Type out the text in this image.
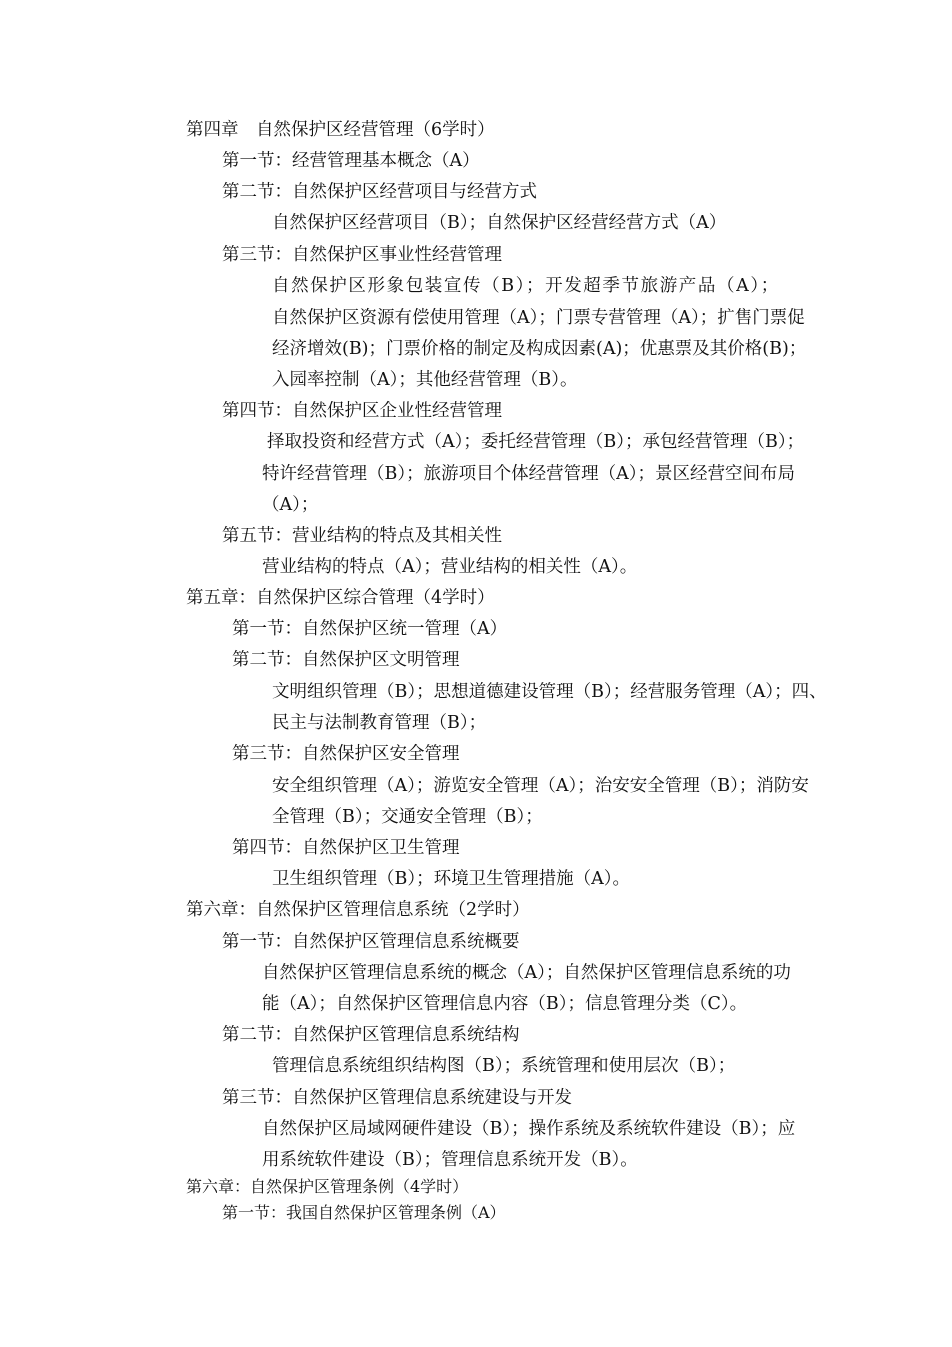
第四章　自然保护区经营管理（6学时）
第一节：经营管理基本概念（A）
第二节：自然保护区经营项目与经营方式
自然保护区经营项目（B）；自然保护区经营经营方式（A）
第三节：自然保护区事业性经营管理
自然保护区形象包装宣传（B）；开发超季节旅游产品（A）；
自然保护区资源有偿使用管理（A）；门票专营管理（A）；扩售门票促
经济增效(B)；门票价格的制定及构成因素(A)；优惠票及其价格(B)；
入园率控制（A）；其他经营管理（B）。
第四节：自然保护区企业性经营管理
择取投资和经营方式（A）；委托经营管理（B）；承包经营管理（B）；
特许经营管理（B）；旅游项目个体经营管理（A）；景区经营空间布局
（A）；
第五节：营业结构的特点及其相关性
营业结构的特点（A）；营业结构的相关性（A）。
第五章：自然保护区综合管理（4学时）
第一节：自然保护区统一管理（A）
第二节：自然保护区文明管理
文明组织管理（B）；思想道德建设管理（B）；经营服务管理（A）；四、
民主与法制教育管理（B）；
第三节：自然保护区安全管理
安全组织管理（A）；游览安全管理（A）；治安安全管理（B）；消防安
全管理（B）；交通安全管理（B）；
第四节：自然保护区卫生管理
卫生组织管理（B）；环境卫生管理措施（A）。
第六章：自然保护区管理信息系统（2学时）
第一节：自然保护区管理信息系统概要
自然保护区管理信息系统的概念（A）；自然保护区管理信息系统的功
能（A）；自然保护区管理信息内容（B）；信息管理分类（C）。
第二节：自然保护区管理信息系统结构
管理信息系统组织结构图（B）；系统管理和使用层次（B）；
第三节：自然保护区管理信息系统建设与开发
自然保护区局域网硬件建设（B）；操作系统及系统软件建设（B）；应
用系统软件建设（B）；管理信息系统开发（B）。
第六章：自然保护区管理条例（4学时）
第一节：我国自然保护区管理条例（A）
